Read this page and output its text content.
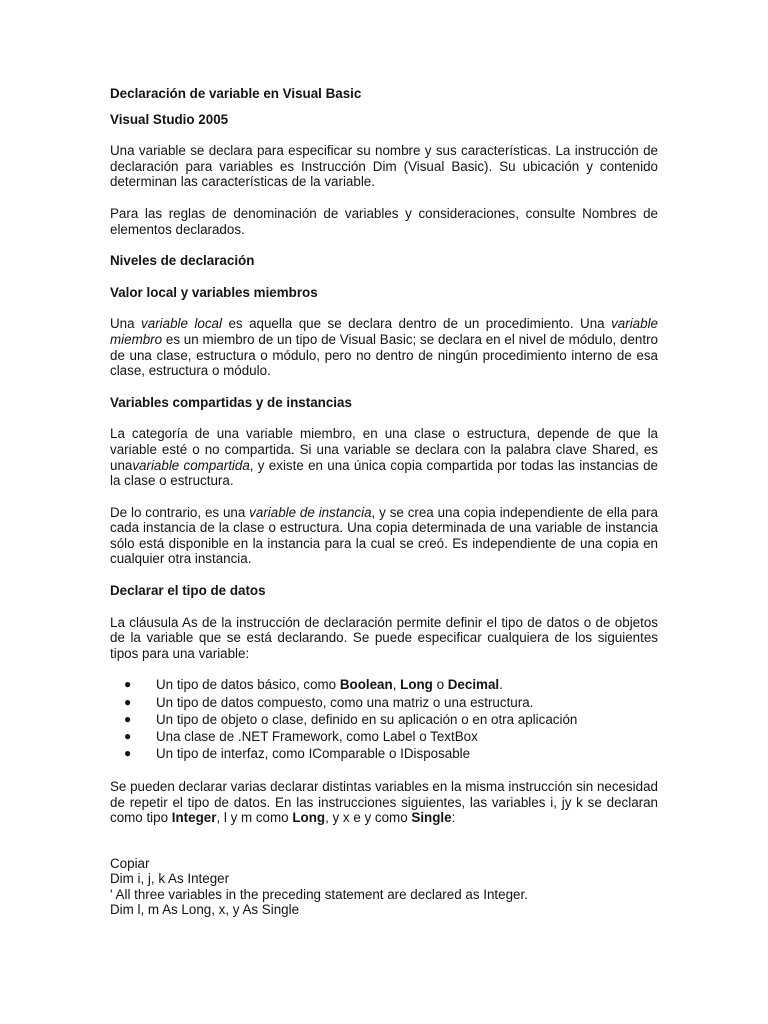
Declaración de variable en Visual Basic

Visual Studio 2005

Una variable se declara para especificar su nombre y sus características. La instrucción de declaración para variables es Instrucción Dim (Visual Basic). Su ubicación y contenido determinan las características de la variable.

Para las reglas de denominación de variables y consideraciones, consulte Nombres de elementos declarados.

Niveles de declaración

Valor local y variables miembros

Una variable local es aquella que se declara dentro de un procedimiento. Una variable miembro es un miembro de un tipo de Visual Basic; se declara en el nivel de módulo, dentro de una clase, estructura o módulo, pero no dentro de ningún procedimiento interno de esa clase, estructura o módulo.

Variables compartidas y de instancias

La categoría de una variable miembro, en una clase o estructura, depende de que la variable esté o no compartida. Si una variable se declara con la palabra clave Shared, es unavariable compartida, y existe en una única copia compartida por todas las instancias de la clase o estructura.

De lo contrario, es una variable de instancia, y se crea una copia independiente de ella para cada instancia de la clase o estructura. Una copia determinada de una variable de instancia sólo está disponible en la instancia para la cual se creó. Es independiente de una copia en cualquier otra instancia.

Declarar el tipo de datos

La cláusula As de la instrucción de declaración permite definir el tipo de datos o de objetos de la variable que se está declarando. Se puede especificar cualquiera de los siguientes tipos para una variable:

● Un tipo de datos básico, como Boolean, Long o Decimal.
● Un tipo de datos compuesto, como una matriz o una estructura.
● Un tipo de objeto o clase, definido en su aplicación o en otra aplicación
● Una clase de .NET Framework, como Label o TextBox
● Un tipo de interfaz, como IComparable o IDisposable

Se pueden declarar varias declarar distintas variables en la misma instrucción sin necesidad de repetir el tipo de datos. En las instrucciones siguientes, las variables i, jy k se declaran como tipo Integer, l y m como Long, y x e y como Single:

Copiar

Dim i, j, k As Integer

' All three variables in the preceding statement are declared as Integer.

Dim l, m As Long, x, y As Single
